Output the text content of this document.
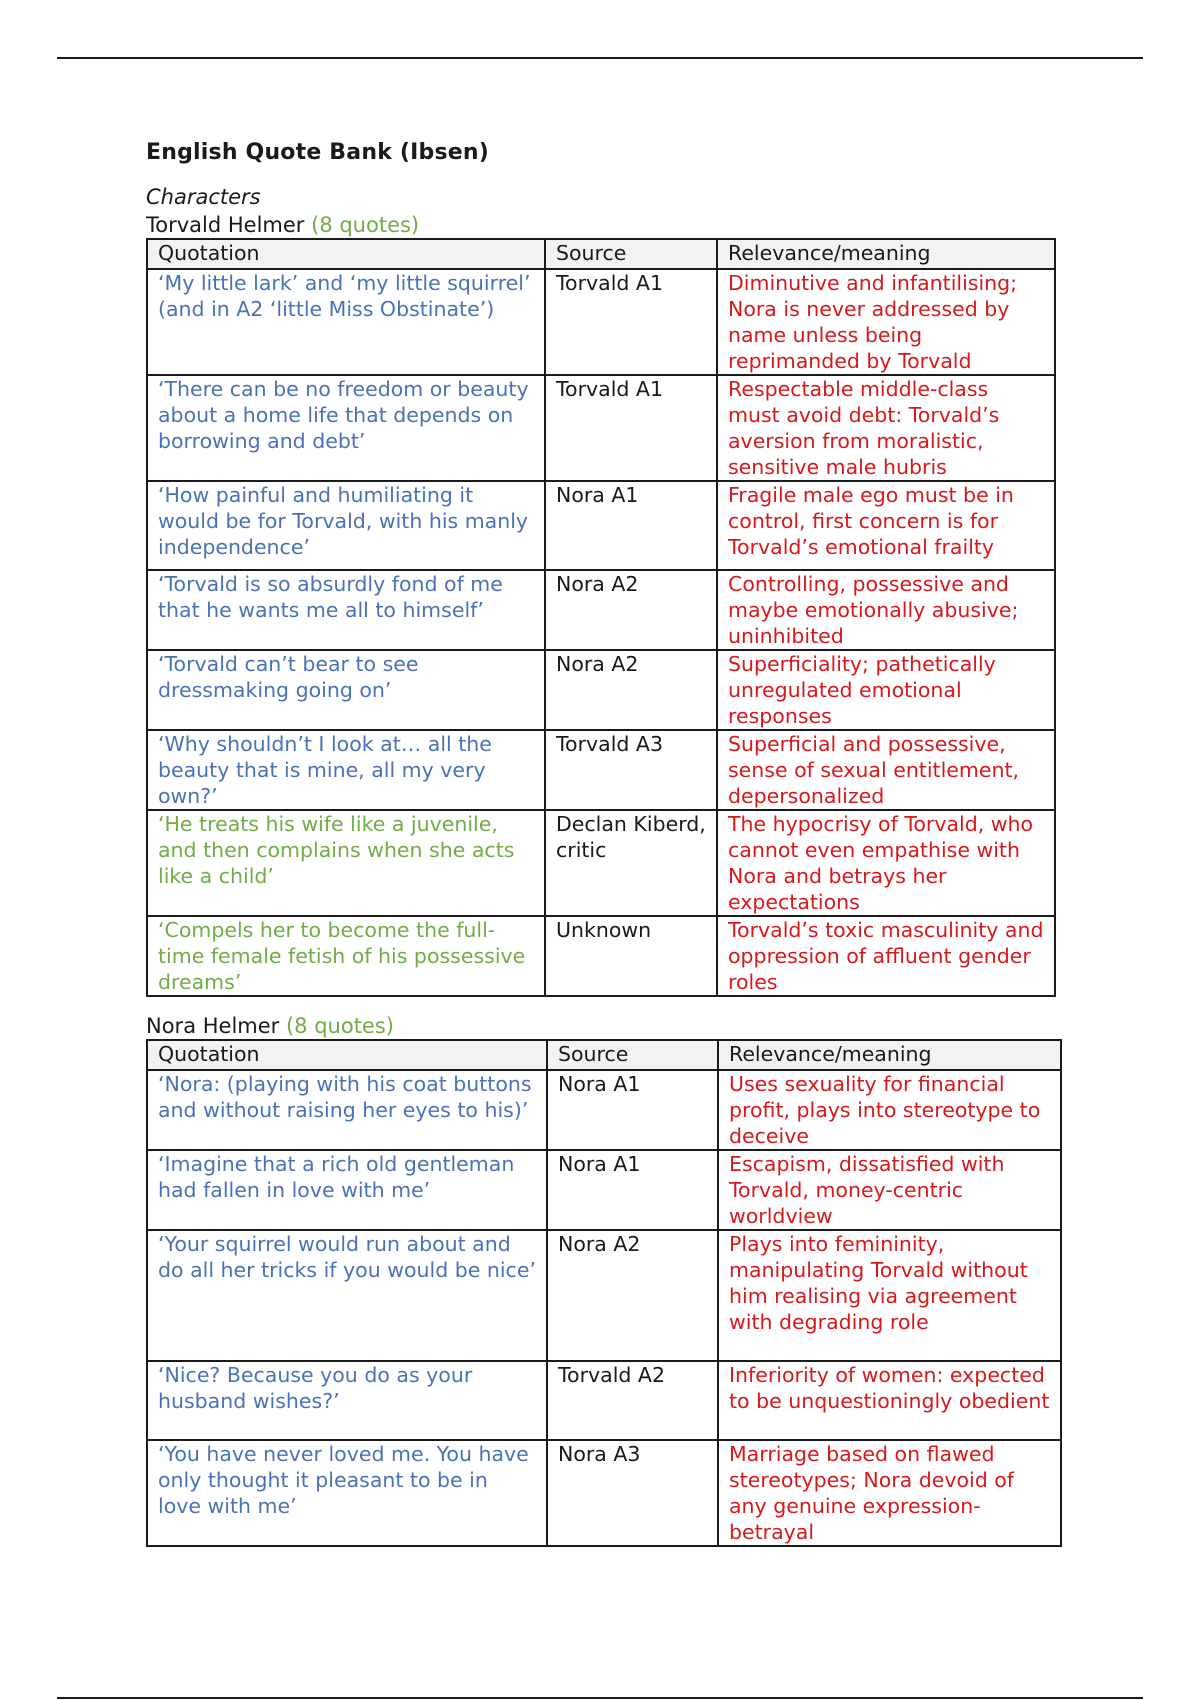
English Quote Bank (Ibsen)
Characters
Torvald Helmer (8 quotes)
Quotation	Source	Relevance/meaning
‘My little lark’ and ‘my little squirrel’ (and in A2 ‘little Miss Obstinate’)	Torvald A1	Diminutive and infantilising; Nora is never addressed by name unless being reprimanded by Torvald
‘There can be no freedom or beauty about a home life that depends on borrowing and debt’	Torvald A1	Respectable middle-class must avoid debt: Torvald’s aversion from moralistic, sensitive male hubris
‘How painful and humiliating it would be for Torvald, with his manly independence’	Nora A1	Fragile male ego must be in control, first concern is for Torvald’s emotional frailty
‘Torvald is so absurdly fond of me that he wants me all to himself’	Nora A2	Controlling, possessive and maybe emotionally abusive; uninhibited
‘Torvald can’t bear to see dressmaking going on’	Nora A2	Superficiality; pathetically unregulated emotional responses
‘Why shouldn’t I look at… all the beauty that is mine, all my very own?’	Torvald A3	Superficial and possessive, sense of sexual entitlement, depersonalized
‘He treats his wife like a juvenile, and then complains when she acts like a child’	Declan Kiberd, critic	The hypocrisy of Torvald, who cannot even empathise with Nora and betrays her expectations
‘Compels her to become the full-time female fetish of his possessive dreams’	Unknown	Torvald’s toxic masculinity and oppression of affluent gender roles
Nora Helmer (8 quotes)
Quotation	Source	Relevance/meaning
‘Nora: (playing with his coat buttons and without raising her eyes to his)’	Nora A1	Uses sexuality for financial profit, plays into stereotype to deceive
‘Imagine that a rich old gentleman had fallen in love with me’	Nora A1	Escapism, dissatisfied with Torvald, money-centric worldview
‘Your squirrel would run about and do all her tricks if you would be nice’	Nora A2	Plays into femininity, manipulating Torvald without him realising via agreement with degrading role
‘Nice? Because you do as your husband wishes?’	Torvald A2	Inferiority of women: expected to be unquestioningly obedient
‘You have never loved me. You have only thought it pleasant to be in love with me’	Nora A3	Marriage based on flawed stereotypes; Nora devoid of any genuine expression- betrayal
